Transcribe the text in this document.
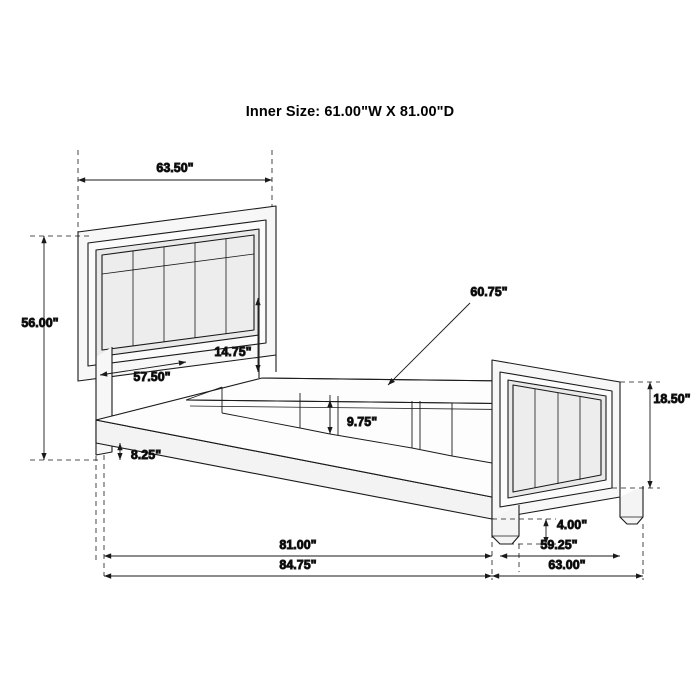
Inner Size: 61.00"W X 81.00"D
63.50"
56.00"
57.50"
14.75"
8.25"
60.75"
9.75"
18.50"
4.00"
81.00"
84.75"
59.25"
63.00"
